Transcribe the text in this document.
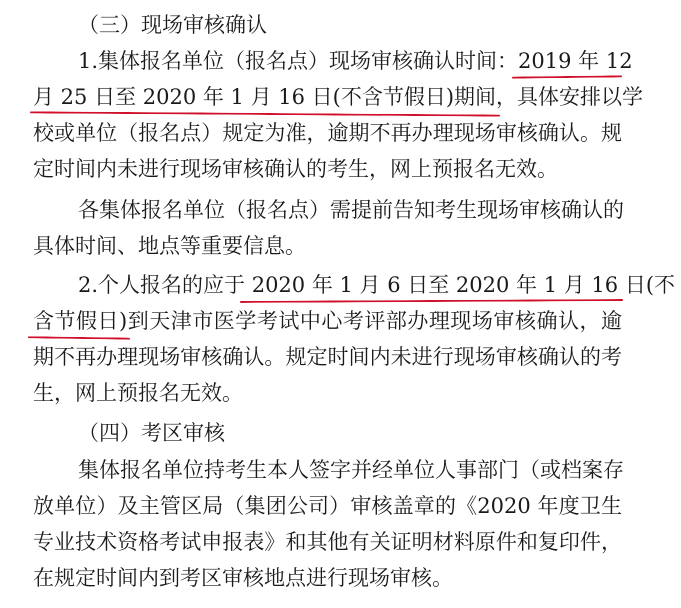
（三）现场审核确认
1.集体报名单位（报名点）现场审核确认时间：2019 年 12
月 25 日至 2020 年 1 月 16 日(不含节假日)期间，具体安排以学
校或单位（报名点）规定为准，逾期不再办理现场审核确认。规
定时间内未进行现场审核确认的考生，网上预报名无效。
各集体报名单位（报名点）需提前告知考生现场审核确认的
具体时间、地点等重要信息。
2.个人报名的应于 2020 年 1 月 6 日至 2020 年 1 月 16 日(不
含节假日)到天津市医学考试中心考评部办理现场审核确认，逾
期不再办理现场审核确认。规定时间内未进行现场审核确认的考
生，网上预报名无效。
（四）考区审核
集体报名单位持考生本人签字并经单位人事部门（或档案存
放单位）及主管区局（集团公司）审核盖章的《2020 年度卫生
专业技术资格考试申报表》和其他有关证明材料原件和复印件，
在规定时间内到考区审核地点进行现场审核。
